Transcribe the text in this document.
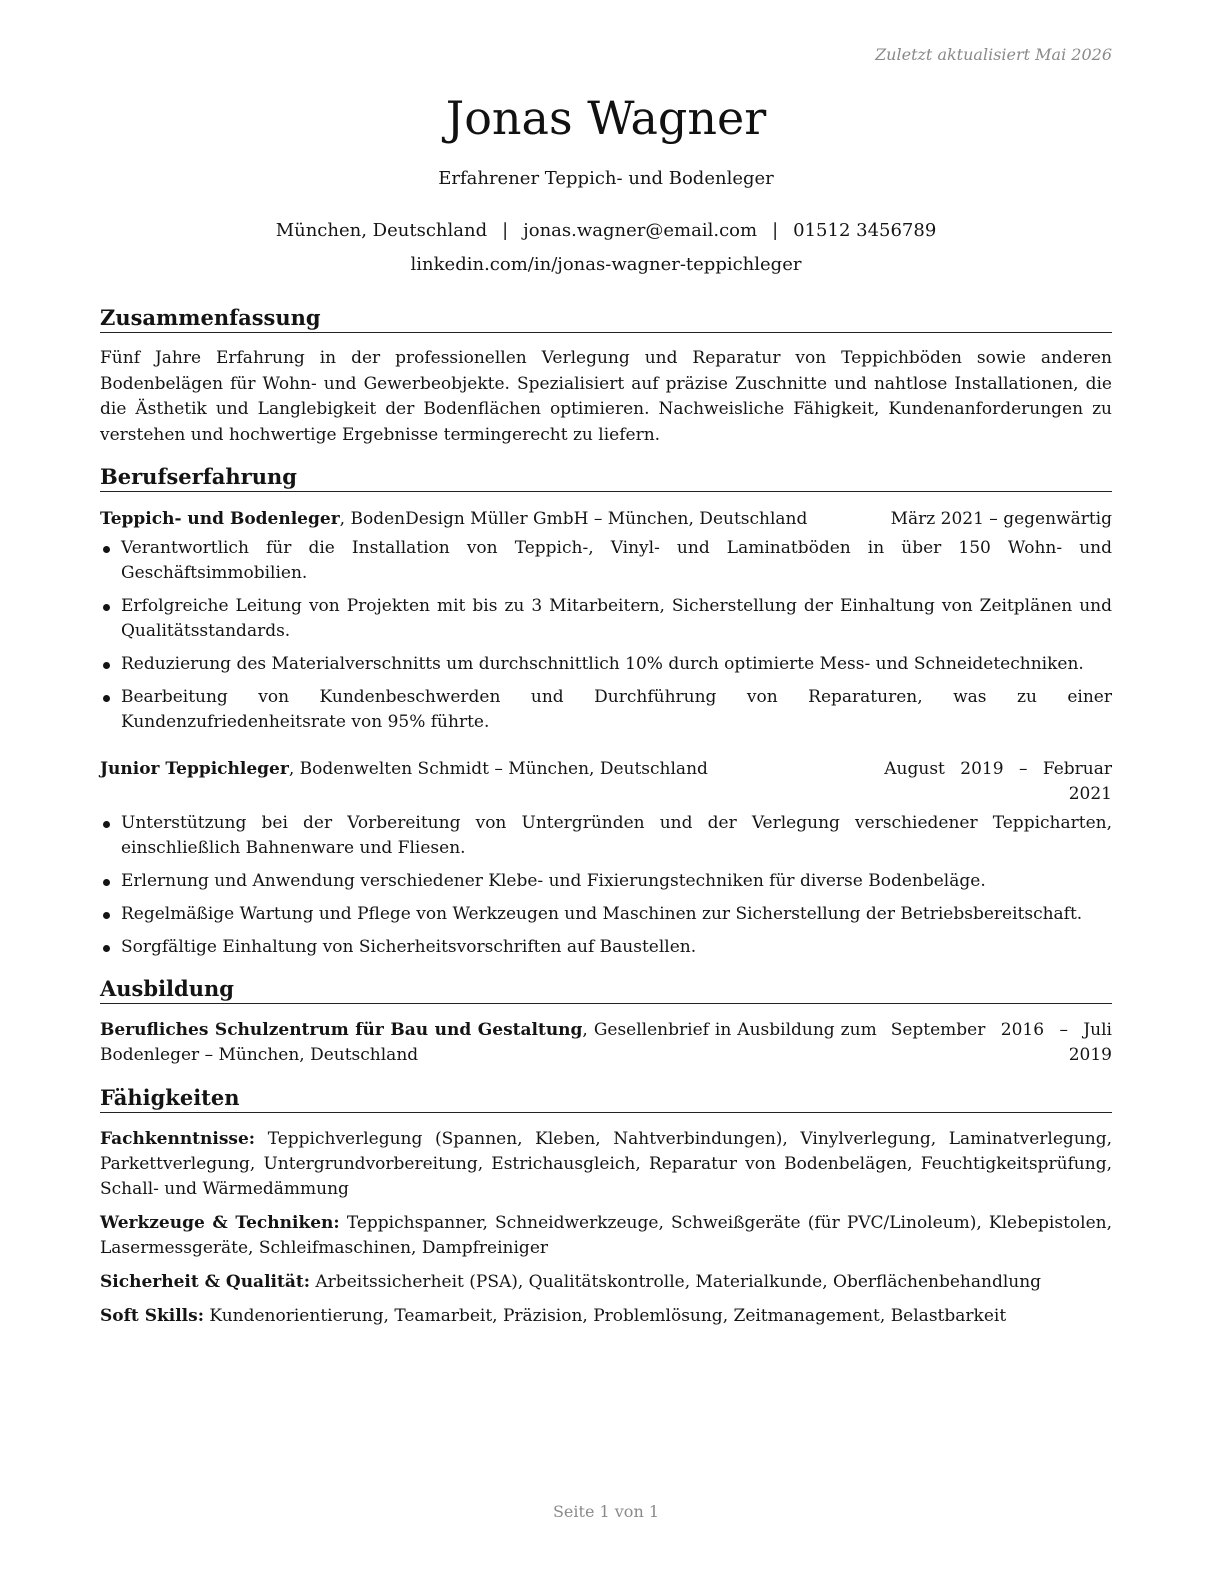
Zuletzt aktualisiert Mai 2026
Jonas Wagner
Erfahrener Teppich- und Bodenleger
München, Deutschland | jonas.wagner@email.com | 01512 3456789
linkedin.com/in/jonas-wagner-teppichleger
Zusammenfassung

Fünf Jahre Erfahrung in der professionellen Verlegung und Reparatur von Teppichböden sowie anderen Bodenbelägen für Wohn- und Gewerbeobjekte. Spezialisiert auf präzise Zuschnitte und nahtlose Installationen, die die Ästhetik und Langlebigkeit der Bodenflächen optimieren. Nachweisliche Fähigkeit, Kundenanforderungen zu verstehen und hochwertige Ergebnisse termingerecht zu liefern.

Berufserfahrung
Teppich- und Bodenleger, BodenDesign Müller GmbH – München, Deutschland	März 2021 – gegenwärtig
Verantwortlich für die Installation von Teppich-, Vinyl- und Laminatböden in über 150 Wohn- und Geschäftsimmobilien.
Erfolgreiche Leitung von Projekten mit bis zu 3 Mitarbeitern, Sicherstellung der Einhaltung von Zeitplänen und Qualitätsstandards.
Reduzierung des Materialverschnitts um durchschnittlich 10% durch optimierte Mess- und Schneidetechniken.
Bearbeitung von Kundenbeschwerden und Durchführung von Reparaturen, was zu einer Kundenzufriedenheitsrate von 95% führte.
Junior Teppichleger, Bodenwelten Schmidt – München, Deutschland	August 2019 – Februar
2021
Unterstützung bei der Vorbereitung von Untergründen und der Verlegung verschiedener Teppicharten, einschließlich Bahnenware und Fliesen.
Erlernung und Anwendung verschiedener Klebe- und Fixierungstechniken für diverse Bodenbeläge.
Regelmäßige Wartung und Pflege von Werkzeugen und Maschinen zur Sicherstellung der Betriebsbereitschaft.
Sorgfältige Einhaltung von Sicherheitsvorschriften auf Baustellen.
Ausbildung
Berufliches Schulzentrum für Bau und Gestaltung, Gesellenbrief in Ausbildung zum Bodenleger – München, Deutschland
September 2016 – Juli
2019
Fähigkeiten
Fachkenntnisse: Teppichverlegung (Spannen, Kleben, Nahtverbindungen), Vinylverlegung, Laminatverlegung, Parkettverlegung, Untergrundvorbereitung, Estrichausgleich, Reparatur von Bodenbelägen, Feuchtigkeitsprüfung, Schall- und Wärmedämmung
Werkzeuge & Techniken: Teppichspanner, Schneidwerkzeuge, Schweißgeräte (für PVC/Linoleum), Klebepistolen, Lasermessgeräte, Schleifmaschinen, Dampfreiniger
Sicherheit & Qualität: Arbeitssicherheit (PSA), Qualitätskontrolle, Materialkunde, Oberflächenbehandlung
Soft Skills: Kundenorientierung, Teamarbeit, Präzision, Problemlösung, Zeitmanagement, Belastbarkeit
Seite 1 von 1
